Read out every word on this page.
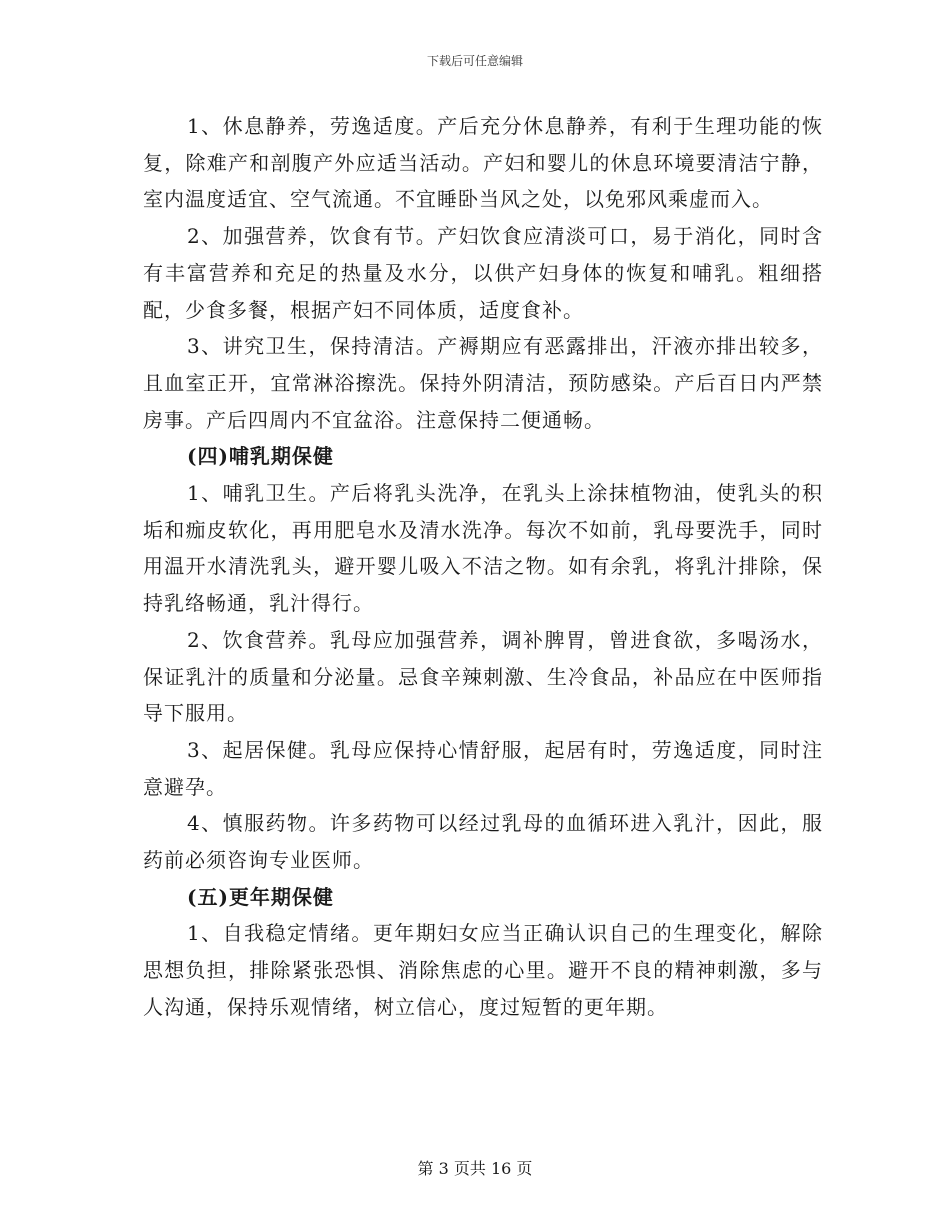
下载后可任意编辑

1、休息静养，劳逸适度。产后充分休息静养，有利于生理功能的恢复，除难产和剖腹产外应适当活动。产妇和婴儿的休息环境要清洁宁静，室内温度适宜、空气流通。不宜睡卧当风之处，以免邪风乘虚而入。

2、加强营养，饮食有节。产妇饮食应清淡可口，易于消化，同时含有丰富营养和充足的热量及水分，以供产妇身体的恢复和哺乳。粗细搭配，少食多餐，根据产妇不同体质，适度食补。

3、讲究卫生，保持清洁。产褥期应有恶露排出，汗液亦排出较多，且血室正开，宜常淋浴擦洗。保持外阴清洁，预防感染。产后百日内严禁房事。产后四周内不宜盆浴。注意保持二便通畅。

(四)哺乳期保健

1、哺乳卫生。产后将乳头洗净，在乳头上涂抹植物油，使乳头的积垢和痂皮软化，再用肥皂水及清水洗净。每次不如前，乳母要洗手，同时用温开水清洗乳头，避开婴儿吸入不洁之物。如有余乳，将乳汁排除，保持乳络畅通，乳汁得行。

2、饮食营养。乳母应加强营养，调补脾胃，曾进食欲，多喝汤水，保证乳汁的质量和分泌量。忌食辛辣刺激、生冷食品，补品应在中医师指导下服用。

3、起居保健。乳母应保持心情舒服，起居有时，劳逸适度，同时注意避孕。

4、慎服药物。许多药物可以经过乳母的血循环进入乳汁，因此，服药前必须咨询专业医师。

(五)更年期保健

1、自我稳定情绪。更年期妇女应当正确认识自己的生理变化，解除思想负担，排除紧张恐惧、消除焦虑的心里。避开不良的精神刺激，多与人沟通，保持乐观情绪，树立信心，度过短暂的更年期。

第 3 页共 16 页
